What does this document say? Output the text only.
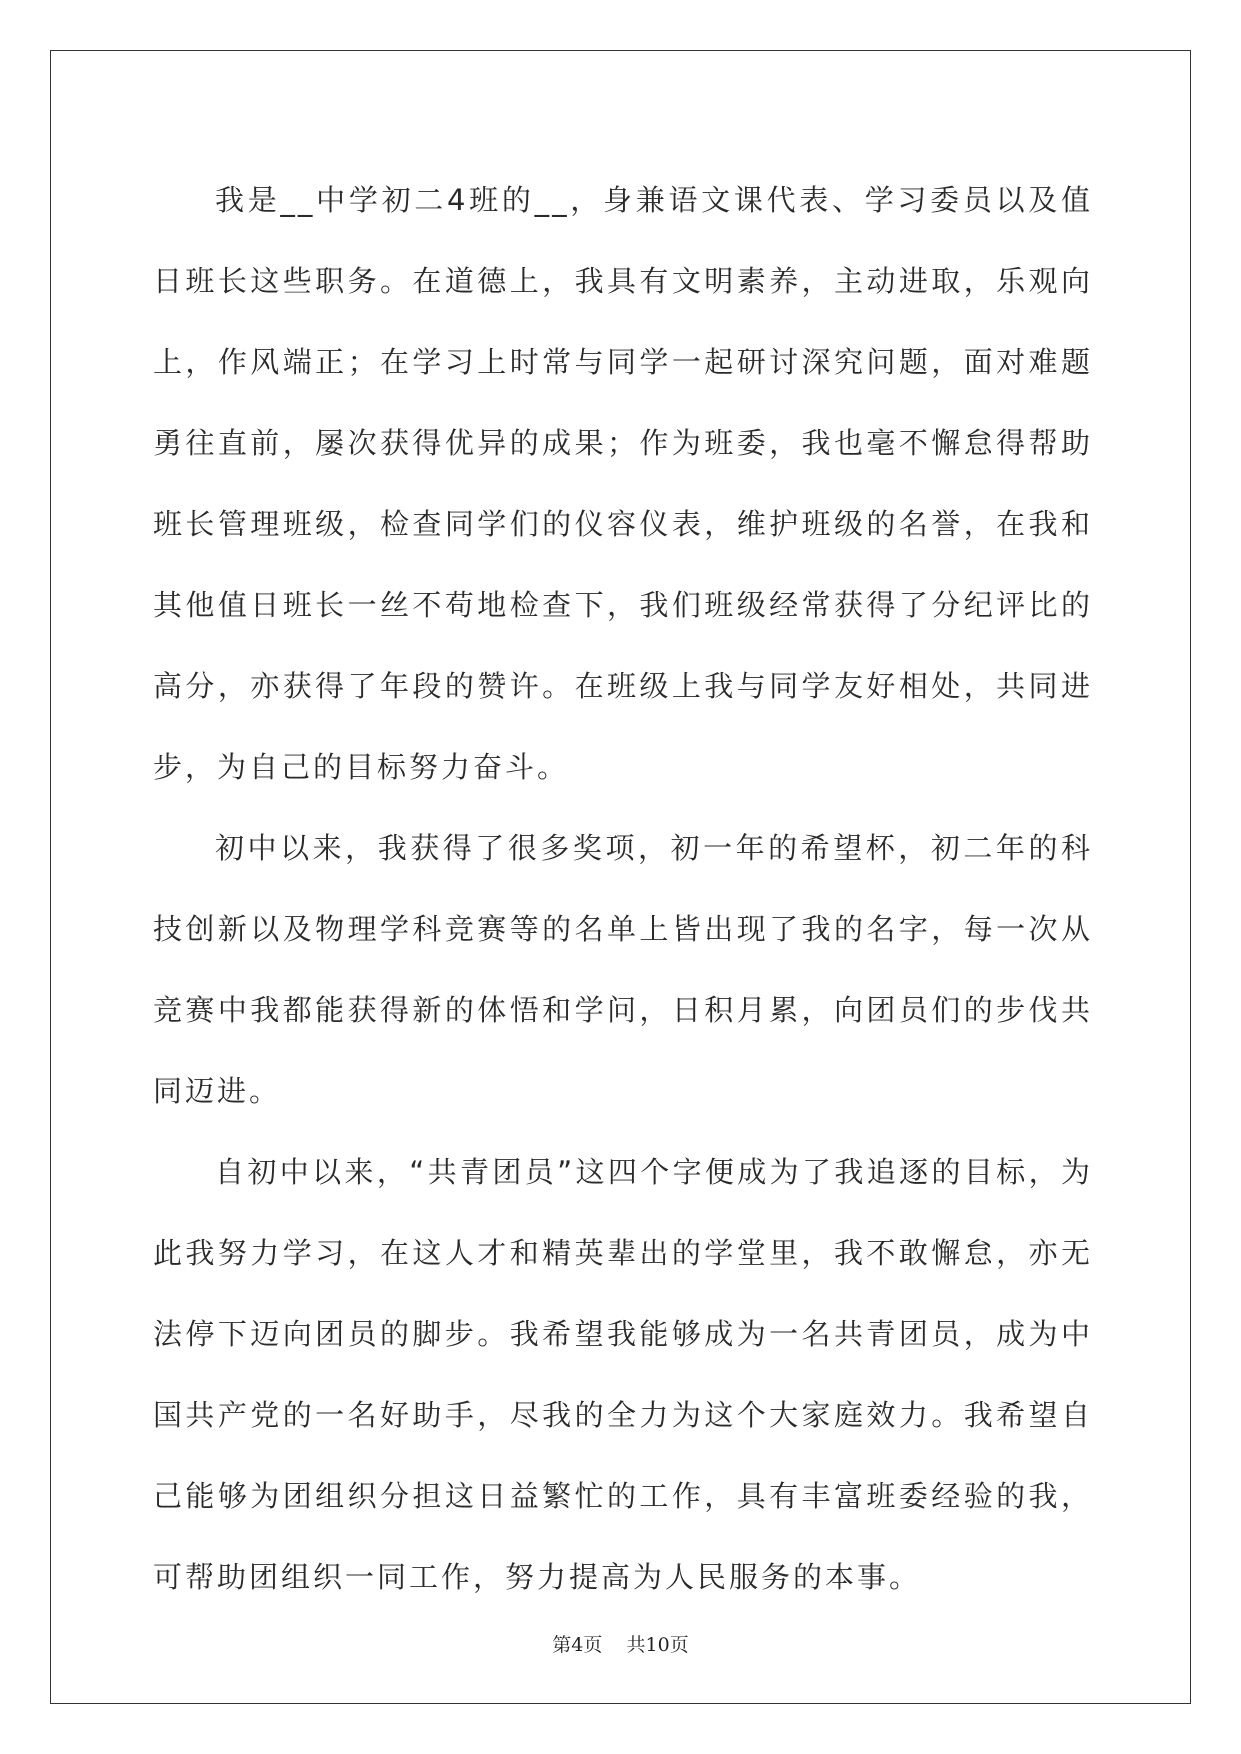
我是__中学初二4班的__，身兼语文课代表、学习委员以及值日班长这些职务。在道德上，我具有文明素养，主动进取，乐观向上，作风端正；在学习上时常与同学一起研讨深究问题，面对难题勇往直前，屡次获得优异的成果；作为班委，我也毫不懈怠得帮助班长管理班级，检查同学们的仪容仪表，维护班级的名誉，在我和其他值日班长一丝不苟地检查下，我们班级经常获得了分纪评比的高分，亦获得了年段的赞许。在班级上我与同学友好相处，共同进步，为自己的目标努力奋斗。

初中以来，我获得了很多奖项，初一年的希望杯，初二年的科技创新以及物理学科竞赛等的名单上皆出现了我的名字，每一次从竞赛中我都能获得新的体悟和学问，日积月累，向团员们的步伐共同迈进。

自初中以来，“共青团员”这四个字便成为了我追逐的目标，为此我努力学习，在这人才和精英辈出的学堂里，我不敢懈怠，亦无法停下迈向团员的脚步。我希望我能够成为一名共青团员，成为中国共产党的一名好助手，尽我的全力为这个大家庭效力。我希望自己能够为团组织分担这日益繁忙的工作，具有丰富班委经验的我，可帮助团组织一同工作，努力提高为人民服务的本事。

第4页 共10页
